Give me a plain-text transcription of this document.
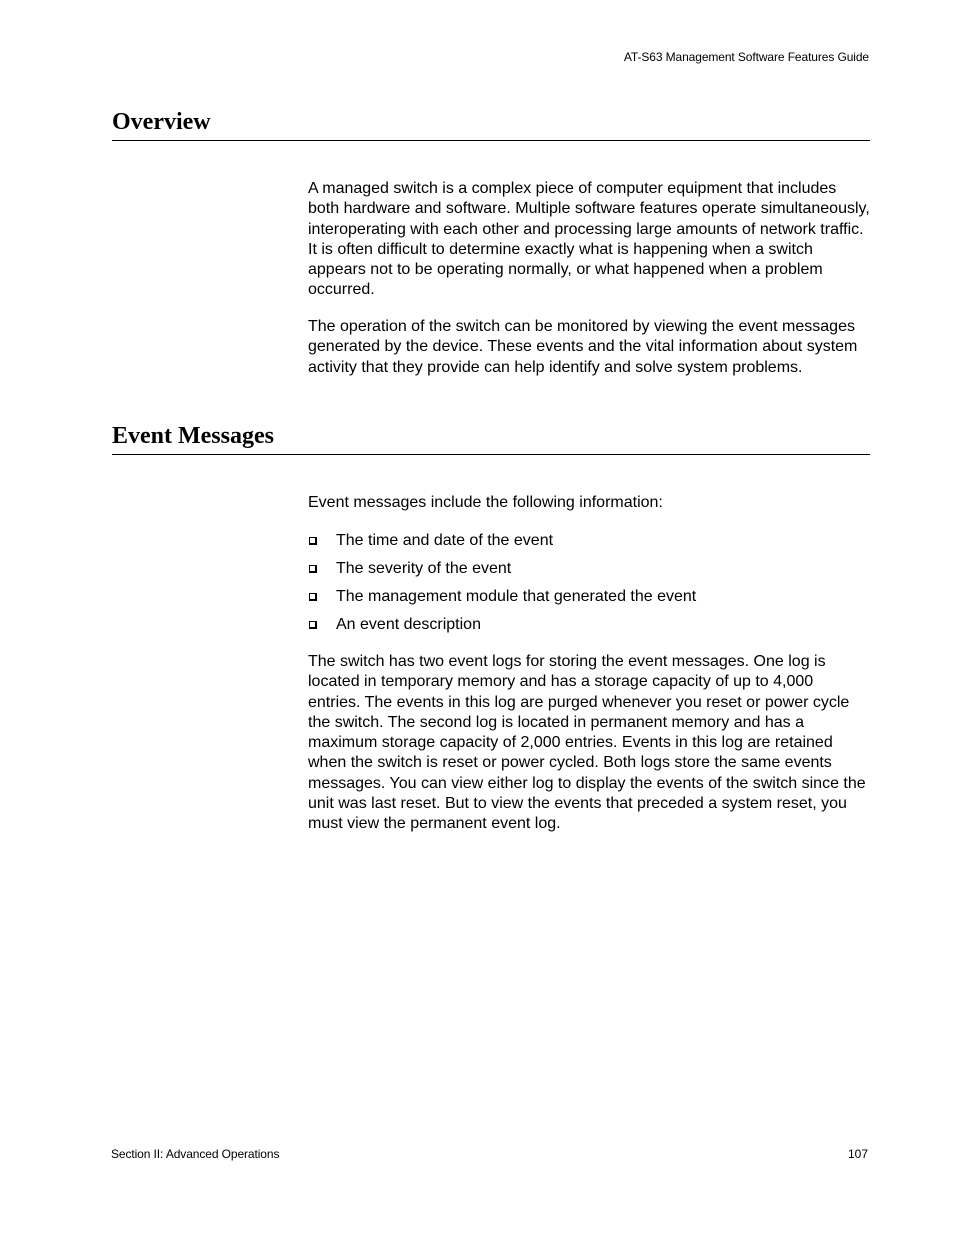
AT-S63 Management Software Features Guide
Overview

A managed switch is a complex piece of computer equipment that includes both hardware and software. Multiple software features operate simultaneously, interoperating with each other and processing large amounts of network traffic. It is often difficult to determine exactly what is happening when a switch appears not to be operating normally, or what happened when a problem occurred.

The operation of the switch can be monitored by viewing the event messages generated by the device. These events and the vital information about system activity that they provide can help identify and solve system problems.

Event Messages

Event messages include the following information:

The time and date of the event
The severity of the event
The management module that generated the event
An event description

The switch has two event logs for storing the event messages. One log is located in temporary memory and has a storage capacity of up to 4,000 entries. The events in this log are purged whenever you reset or power cycle the switch. The second log is located in permanent memory and has a maximum storage capacity of 2,000 entries. Events in this log are retained when the switch is reset or power cycled. Both logs store the same events messages. You can view either log to display the events of the switch since the unit was last reset. But to view the events that preceded a system reset, you must view the permanent event log.

Section II: Advanced Operations	107
